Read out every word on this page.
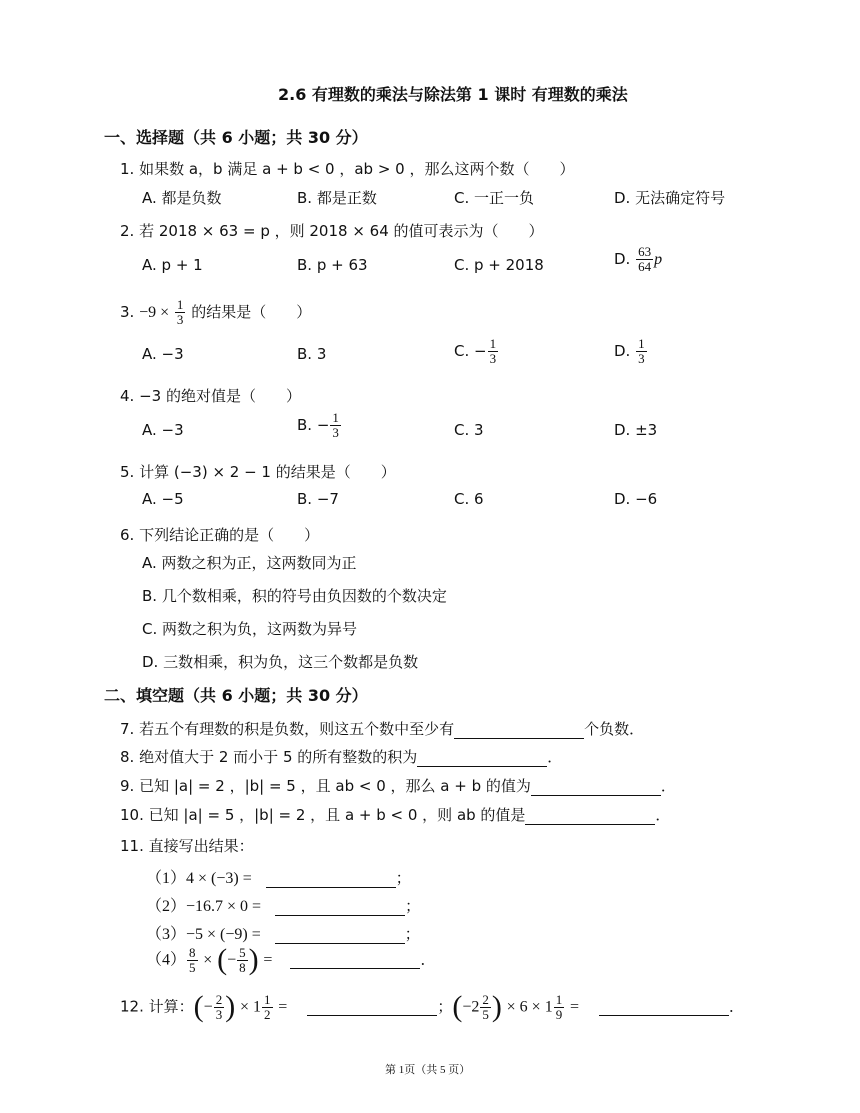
2.6 有理数的乘法与除法第 1 课时 有理数的乘法
一、选择题（共 6 小题；共 30 分）
1. 如果数 a，b 满足 a + b < 0 ，ab > 0 ，那么这两个数（　　）
A. 都是负数	B. 都是正数	C. 一正一负	D. 无法确定符号
2. 若 2018 × 63 = p ，则 2018 × 64 的值可表示为（　　）
A. p + 1	B. p + 63	C. p + 2018	D. $\frac{63}{64}$ p
3. $-9 \times \frac{1}{3}$ 的结果是（　　）
A. −3	B. 3	C. − $\frac{1}{3}$	D. $\frac{1}{3}$
4. −3 的绝对值是（　　）
A. −3	B. − $\frac{1}{3}$	C. 3	D. ±3
5. 计算 (−3) × 2 − 1 的结果是（　　）
A. −5	B. −7	C. 6	D. −6
6. 下列结论正确的是（　　）
A. 两数之积为正，这两数同为正
B. 几个数相乘，积的符号由负因数的个数决定
C. 两数之积为负，这两数为异号
D. 三数相乘，积为负，这三个数都是负数
二、填空题（共 6 小题；共 30 分）
7. 若五个有理数的积是负数，则这五个数中至少有	个负数．
8. 绝对值大于 2 而小于 5 的所有整数的积为	．
9. 已知 |a| = 2 ，|b| = 5 ，且 ab < 0 ，那么 a + b 的值为	．
10. 已知 |a| = 5 ，|b| = 2 ，且 a + b < 0 ，则 ab 的值是	．
11. 直接写出结果：
（1）4 × (−3) =	；
（2）−16.7 × 0 =	；
（3）−5 × (−9) =	；
$(4) \frac{8}{5}$ × (− $\frac{5}{8}$ ) =	．
12. 计算：(− $\frac{2}{3}$ ) × $1 \frac{1}{2}$ =	；($-2 \frac{2}{5}$ ) × $6 \times 1 \frac{1}{9}$ =	．
第 1页（共 5 页）
